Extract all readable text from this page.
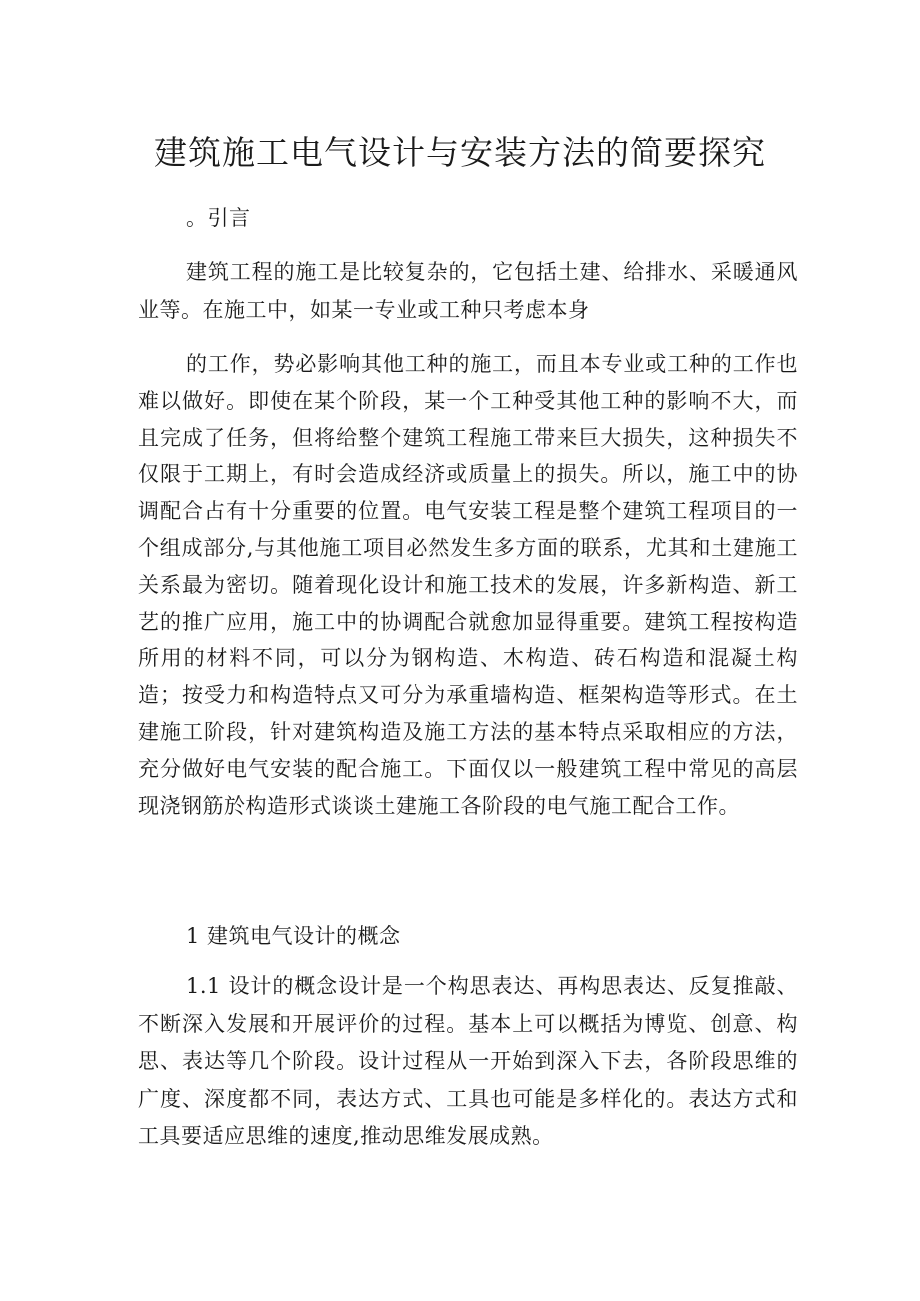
建筑施工电气设计与安装方法的简要探究

。引言

建筑工程的施工是比较复杂的，它包括土建、给排水、采暖通风业等。在施工中，如某一专业或工种只考虑本身

的工作，势必影响其他工种的施工，而且本专业或工种的工作也难以做好。即使在某个阶段，某一个工种受其他工种的影响不大，而且完成了任务，但将给整个建筑工程施工带来巨大损失，这种损失不仅限于工期上，有时会造成经济或质量上的损失。所以，施工中的协调配合占有十分重要的位置。电气安装工程是整个建筑工程项目的一个组成部分,与其他施工项目必然发生多方面的联系，尤其和土建施工关系最为密切。随着现化设计和施工技术的发展，许多新构造、新工艺的推广应用，施工中的协调配合就愈加显得重要。建筑工程按构造所用的材料不同，可以分为钢构造、木构造、砖石构造和混凝土构造；按受力和构造特点又可分为承重墙构造、框架构造等形式。在土建施工阶段，针对建筑构造及施工方法的基本特点采取相应的方法，充分做好电气安装的配合施工。下面仅以一般建筑工程中常见的高层现浇钢筋於构造形式谈谈土建施工各阶段的电气施工配合工作。

1 建筑电气设计的概念

1.1 设计的概念设计是一个构思表达、再构思表达、反复推敲、不断深入发展和开展评价的过程。基本上可以概括为博览、创意、构思、表达等几个阶段。设计过程从一开始到深入下去，各阶段思维的广度、深度都不同，表达方式、工具也可能是多样化的。表达方式和工具要适应思维的速度,推动思维发展成熟。
